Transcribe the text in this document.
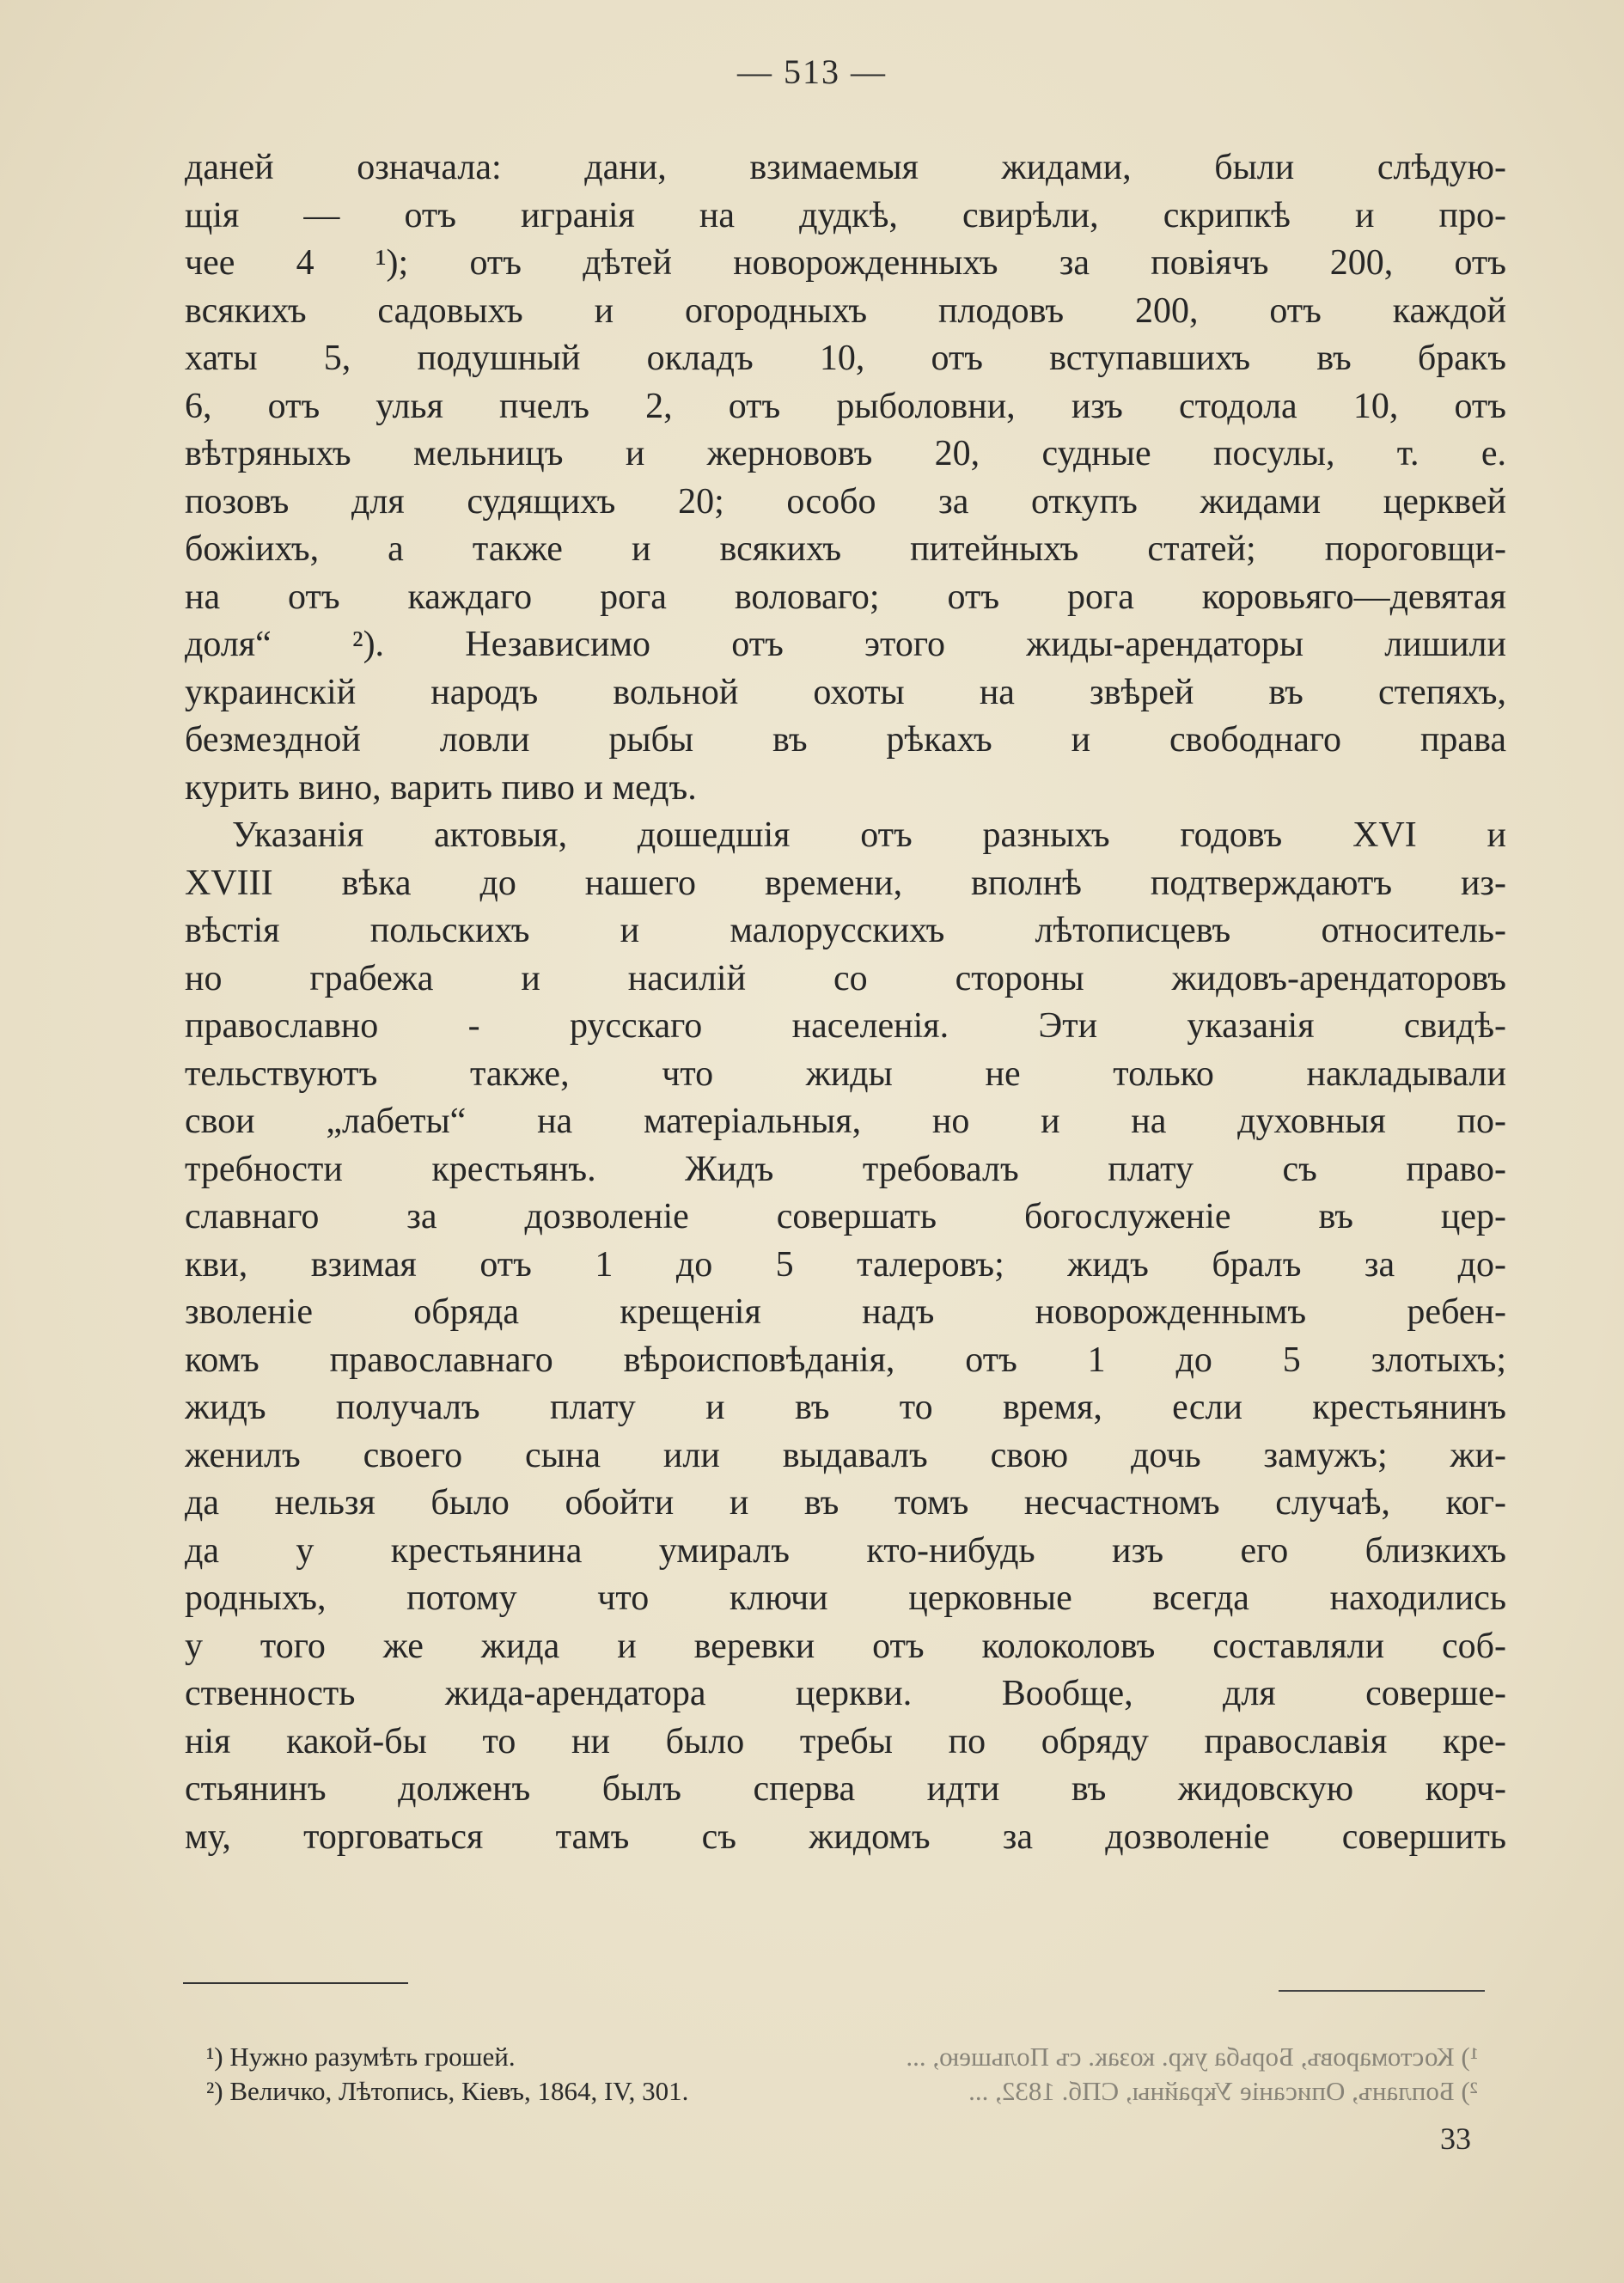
— 513 —
даней означала: дани, взимаемыя жидами, были слѣдую-
щія — отъ игранія на дудкѣ, свирѣли, скрипкѣ и про-
чее 4 ¹); отъ дѣтей новорожденныхъ за повіячъ 200, отъ
всякихъ садовыхъ и огородныхъ плодовъ 200, отъ каждой
хаты 5, подушный окладъ 10, отъ вступавшихъ въ бракъ
6, отъ улья пчелъ 2, отъ рыболовни, изъ стодола 10, отъ
вѣтряныхъ мельницъ и жернововъ 20, судные посулы, т. е.
позовъ для судящихъ 20; особо за откупъ жидами церквей
божіихъ, а также и всякихъ питейныхъ статей; пороговщи-
на отъ каждаго рога воловаго; отъ рога коровьяго—девятая
доля“ ²). Независимо отъ этого жиды-арендаторы лишили
украинскій народъ вольной охоты на звѣрей въ степяхъ,
безмездной ловли рыбы въ рѣкахъ и свободнаго права
курить вино, варить пиво и медъ.
Указанія актовыя, дошедшія отъ разныхъ годовъ XVI и
XVIII вѣка до нашего времени, вполнѣ подтверждаютъ из-
вѣстія польскихъ и малорусскихъ лѣтописцевъ относитель-
но грабежа и насилій со стороны жидовъ-арендаторовъ
православно - русскаго населенія. Эти указанія свидѣ-
тельствуютъ также, что жиды не только накладывали
свои „лабеты“ на матеріальныя, но и на духовныя по-
требности крестьянъ. Жидъ требовалъ плату съ право-
славнаго за дозволеніе совершать богослуженіе въ цер-
кви, взимая отъ 1 до 5 талеровъ; жидъ бралъ за до-
зволеніе обряда крещенія надъ новорожденнымъ ребен-
комъ православнаго вѣроисповѣданія, отъ 1 до 5 злотыхъ;
жидъ получалъ плату и въ то время, если крестьянинъ
женилъ своего сына или выдавалъ свою дочь замужъ; жи-
да нельзя было обойти и въ томъ несчастномъ случаѣ, ког-
да у крестьянина умиралъ кто-нибудь изъ его близкихъ
родныхъ, потому что ключи церковные всегда находились
у того же жида и веревки отъ колоколовъ составляли соб-
ственность жида-арендатора церкви. Вообще, для соверше-
нія какой-бы то ни было требы по обряду православія кре-
стьянинъ долженъ былъ сперва идти въ жидовскую корч-
му, торговаться тамъ съ жидомъ за дозволеніе совершить
¹) Костомаровъ, Борьба укр. козак. съ Польшею, ...
²) Бопланъ, Описаніе Украйны, СПб. 1832, ...
¹) Нужно разумѣть грошей.
²) Величко, Лѣтопись, Кіевъ, 1864, IV, 301.
33
